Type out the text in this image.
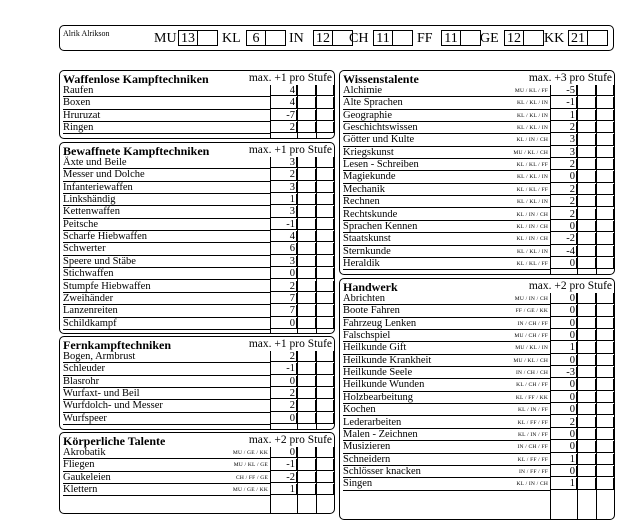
Alrik Alrikson	MU 13 KL 6	IN 12 CH 11 FF 11 GE 12 KK 21
Waffenlose Kampftechniken	max. +1 pro Stufe
Raufen	4
Boxen	4
Hruruzat	-7
Ringen	2
Bewaffnete Kampftechniken	max. +1 pro Stufe
Äxte und Beile	3
Messer und Dolche	2
Infanteriewaffen	3
Linkshändig	1
Kettenwaffen	3
Peitsche	-1
Scharfe Hiebwaffen	4
Schwerter	6
Speere und Stäbe	3
Stichwaffen	0
Stumpfe Hiebwaffen	2
Zweihänder	7
Lanzenreiten	7
Schildkampf	0
Fernkampftechniken	max. +1 pro Stufe
Bogen, Armbrust	2
Schleuder	-1
Blasrohr	0
Wurfaxt- und Beil	2
Wurfdolch- und Messer	2
Wurfspeer	0
Körperliche Talente	max. +2 pro Stufe
Akrobatik	MU / GE / KK	0
Fliegen	MU / KL / GE	-1
Gaukeleien	CH / FF / GE	-2
Klettern	MU / GE / KK	1
Wissenstalente	max. +3 pro Stufe
Alchimie	MU / KL / FF	-5
Alte Sprachen	KL / KL / IN	-1
Geographie	KL / KL / IN	1
Geschichtswissen	KL / KL / IN	2
Götter und Kulte	KL / IN / CH	3
Kriegskunst	MU / KL / CH	3
Lesen - Schreiben	KL / KL / FF	2
Magiekunde	KL / KL / IN	0
Mechanik	KL / KL / FF	2
Rechnen	KL / KL / IN	2
Rechtskunde	KL / IN / CH	2
Sprachen Kennen	KL / IN / CH	0
Staatskunst	KL / IN / CH	-2
Sternkunde	KL / KL / IN	-4
Heraldik	KL / KL / FF	0
Handwerk	max. +2 pro Stufe
Abrichten	MU / IN / CH	0
Boote Fahren	FF / GE / KK	0
Fahrzeug Lenken	IN / CH / FF	0
Falschspiel	MU / CH / FF	0
Heilkunde Gift	MU / KL / IN	1
Heilkunde Krankheit	MU / KL / CH	0
Heilkunde Seele	IN / CH / CH	-3
Heilkunde Wunden	KL / CH / FF	0
Holzbearbeitung	KL / FF / KK	0
Kochen	KL / IN / FF	0
Lederarbeiten	KL / FF / FF	2
Malen - Zeichnen	KL / IN / FF	0
Musizieren	IN / CH / FF	0
Schneidern	KL / FF / FF	1
Schlösser knacken	IN / FF / FF	0
Singen	KL / IN / CH	1
